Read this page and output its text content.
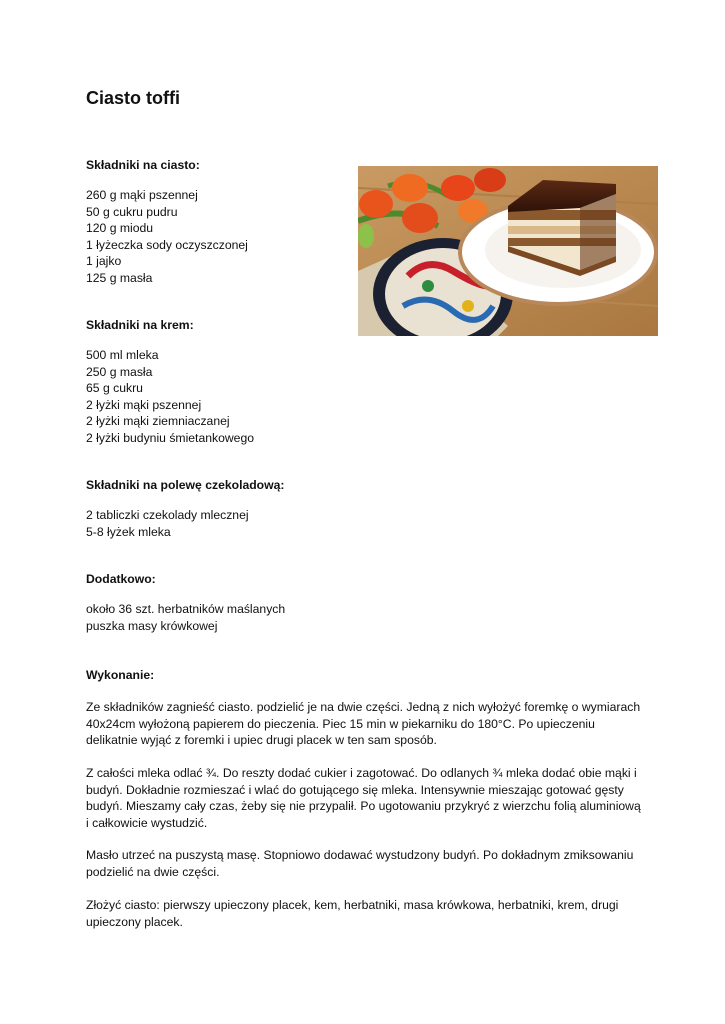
Ciasto toffi

Składniki na ciasto:

260 g mąki pszennej
50 g cukru pudru
120 g miodu
1 łyżeczka sody oczyszczonej
1 jajko
125 g masła

Składniki na krem:

500 ml mleka
250 g masła
65 g cukru
2 łyżki mąki pszennej
2 łyżki mąki ziemniaczanej
2 łyżki budyniu śmietankowego

Składniki na polewę czekoladową:

2 tabliczki czekolady mlecznej
5-8 łyżek mleka

Dodatkowo:

około 36 szt. herbatników maślanych
puszka masy krówkowej

Wykonanie:

Ze składników zagnieść ciasto. podzielić je na dwie części. Jedną z nich wyłożyć foremkę o wymiarach 40x24cm wyłożoną papierem do pieczenia. Piec 15 min w piekarniku do 180°C. Po upieczeniu delikatnie wyjąć z foremki i upiec drugi placek w ten sam sposób.

Z całości mleka odlać ¾. Do reszty dodać cukier i zagotować. Do odlanych ¾ mleka dodać obie mąki i budyń. Dokładnie rozmieszać i wlać do gotującego się mleka. Intensywnie mieszając gotować gęsty budyń. Mieszamy cały czas, żeby się nie przypalił. Po ugotowaniu przykryć z wierzchu folią aluminiową i całkowicie wystudzić.

Masło utrzeć na puszystą masę. Stopniowo dodawać wystudzony budyń. Po dokładnym zmiksowaniu podzielić na dwie części.

Złożyć ciasto: pierwszy upieczony placek, kem, herbatniki, masa krówkowa, herbatniki, krem, drugi upieczony placek.
